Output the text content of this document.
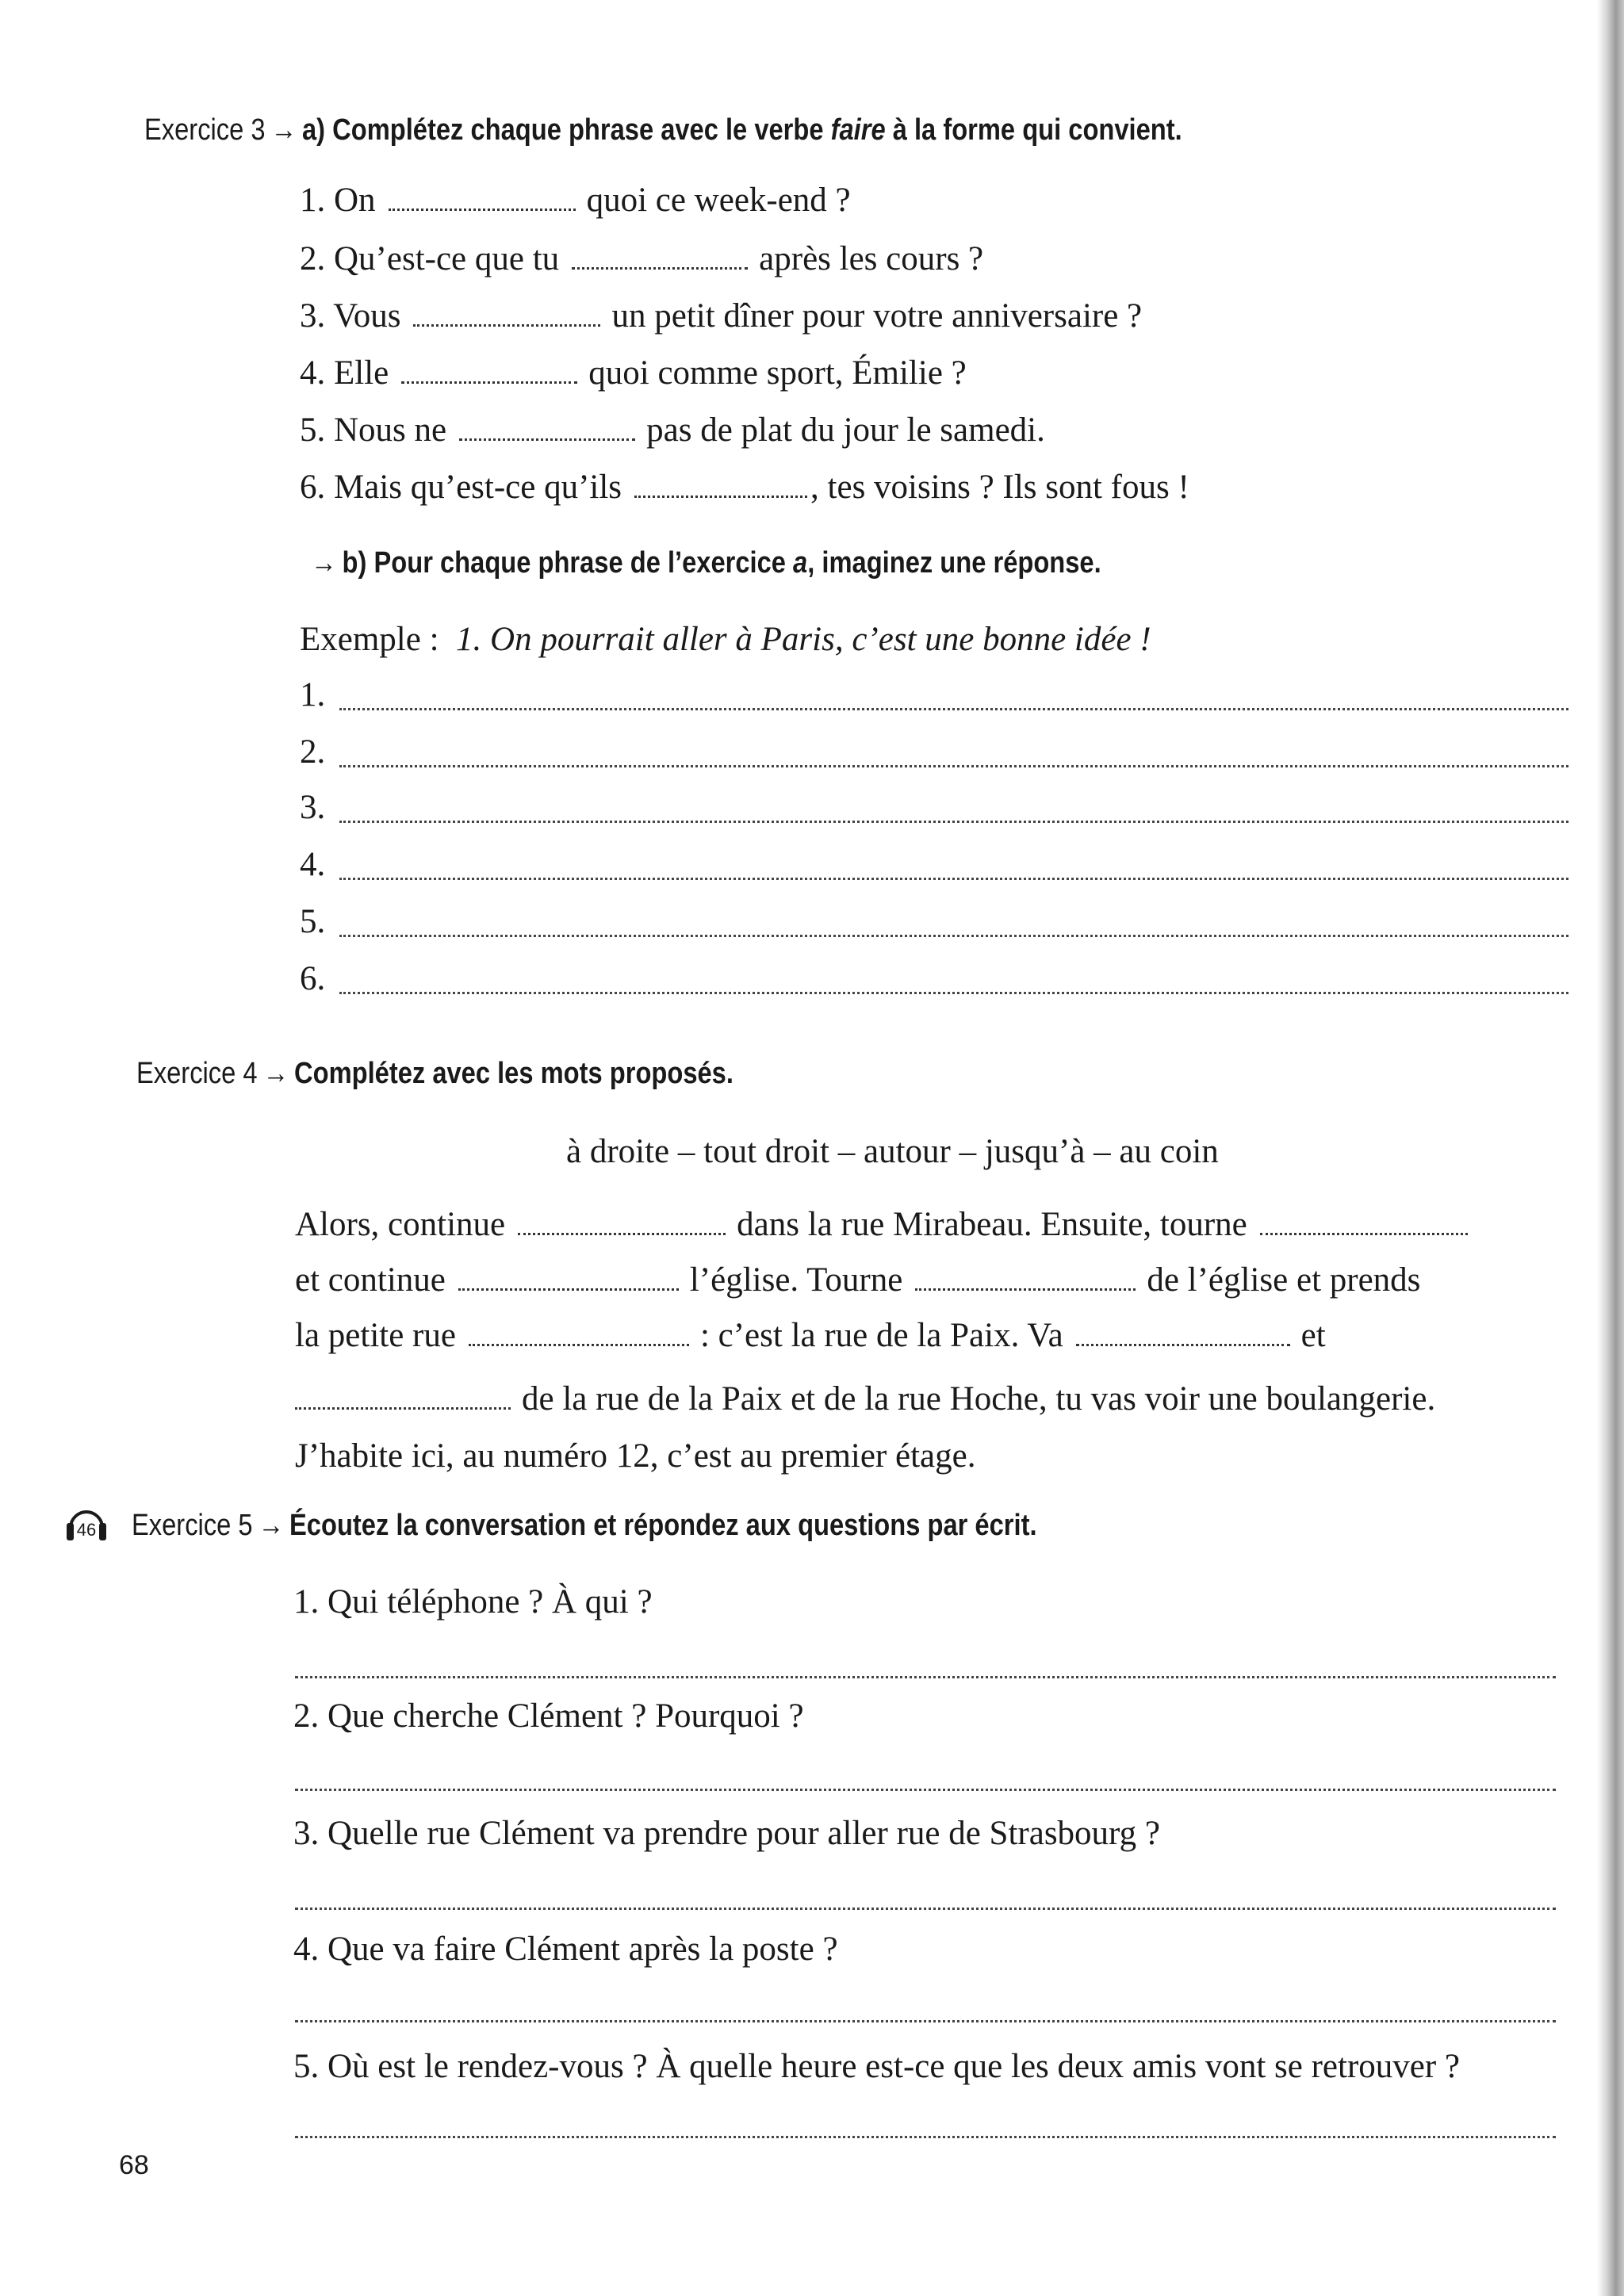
Exercice 3 → a) Complétez chaque phrase avec le verbe faire à la forme qui convient.
1. On	quoi ce week-end ?
2. Qu’est-ce que tu	après les cours ?
3. Vous	un petit dîner pour votre anniversaire ?
4. Elle	quoi comme sport, Émilie ?
5. Nous ne	pas de plat du jour le samedi.
6. Mais qu’est-ce qu’ils	, tes voisins ? Ils sont fous !
→ b) Pour chaque phrase de l’exercice a, imaginez une réponse.
Exemple : 1. On pourrait aller à Paris, c’est une bonne idée !
1.
2.
3.
4.
5.
6.
Exercice 4 → Complétez avec les mots proposés.
à droite – tout droit – autour – jusqu’à – au coin
Alors, continue	dans la rue Mirabeau. Ensuite, tourne
et continue	l’église. Tourne	de l’église et prends
la petite rue	: c’est la rue de la Paix. Va	et
de la rue de la Paix et de la rue Hoche, tu vas voir une boulangerie.
J’habite ici, au numéro 12, c’est au premier étage.
46 Exercice 5 → Écoutez la conversation et répondez aux questions par écrit.
1. Qui téléphone ? À qui ?
2. Que cherche Clément ? Pourquoi ?
3. Quelle rue Clément va prendre pour aller rue de Strasbourg ?
4. Que va faire Clément après la poste ?
5. Où est le rendez-vous ? À quelle heure est-ce que les deux amis vont se retrouver ?
68
